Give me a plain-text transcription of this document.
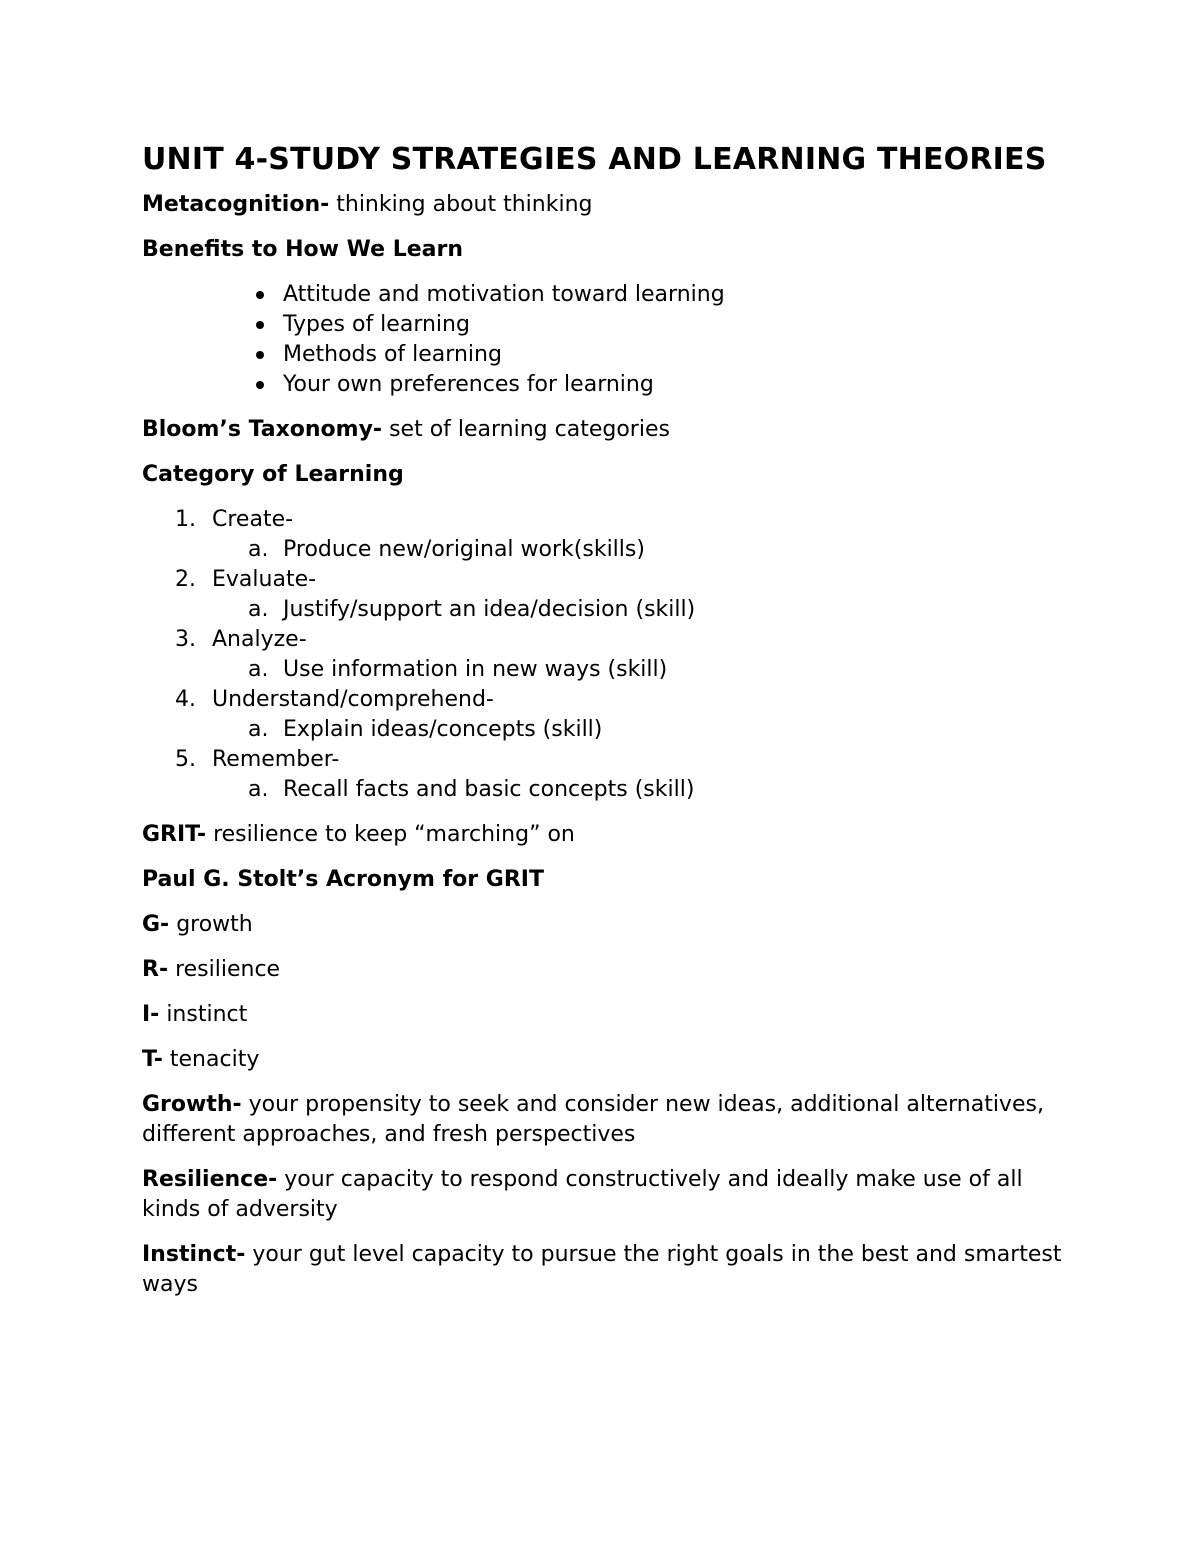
UNIT 4-STUDY STRATEGIES AND LEARNING THEORIES

Metacognition- thinking about thinking

Benefits to How We Learn

Attitude and motivation toward learning
Types of learning
Methods of learning
Your own preferences for learning

Bloom’s Taxonomy- set of learning categories

Category of Learning

1. Create-
a. Produce new/original work(skills)
2. Evaluate-
a. Justify/support an idea/decision (skill)
3. Analyze-
a. Use information in new ways (skill)
4. Understand/comprehend-
a. Explain ideas/concepts (skill)
5. Remember-
a. Recall facts and basic concepts (skill)

GRIT- resilience to keep “marching” on

Paul G. Stolt’s Acronym for GRIT

G- growth

R- resilience

I- instinct

T- tenacity

Growth- your propensity to seek and consider new ideas, additional alternatives, different approaches, and fresh perspectives

Resilience- your capacity to respond constructively and ideally make use of all kinds of adversity

Instinct- your gut level capacity to pursue the right goals in the best and smartest ways
